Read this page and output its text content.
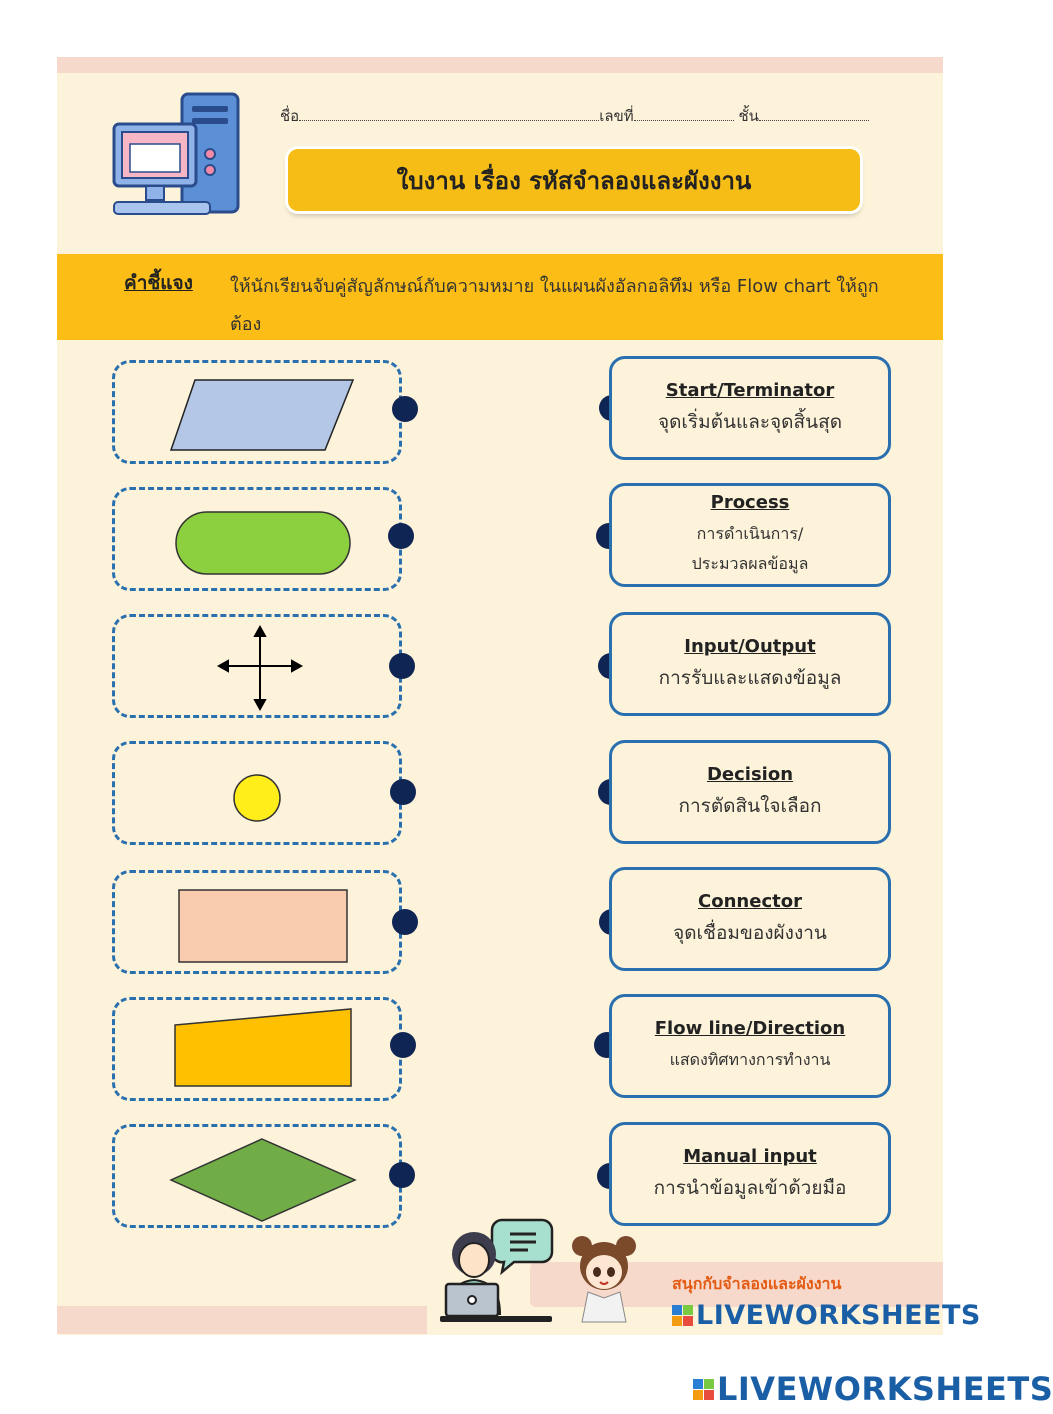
ชื่อ	เลขที่	ชั้น
ใบงาน เรื่อง รหัสจำลองและผังงาน
คำชี้แจง ให้นักเรียนจับคู่สัญลักษณ์กับความหมาย ในแผนผังอัลกอลิทึม หรือ Flow chart ให้ถูกต้อง
Start/Terminator
จุดเริ่มต้นและจุดสิ้นสุด
Process
การดำเนินการ/
ประมวลผลข้อมูล
Input/Output
การรับและแสดงข้อมูล
Decision
การตัดสินใจเลือก
Connector
จุดเชื่อมของผังงาน
Flow line/Direction
แสดงทิศทางการทำงาน
Manual input
การนำข้อมูลเข้าด้วยมือ
สนุกกับจำลองและผังงาน
LIVEWORKSHEETS
LIVEWORKSHEETS
